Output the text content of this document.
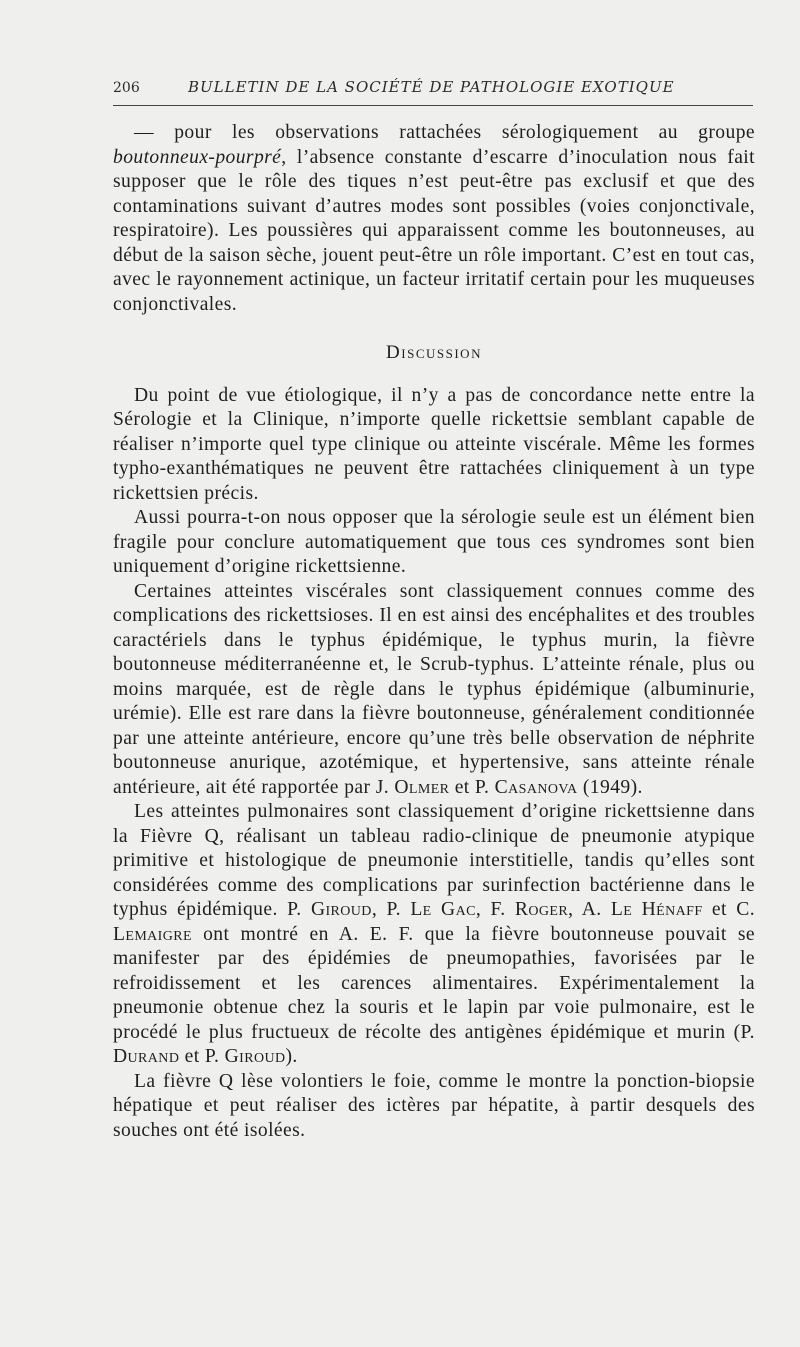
206	BULLETIN DE LA SOCIÉTÉ DE PATHOLOGIE EXOTIQUE

— pour les observations rattachées sérologiquement au groupe boutonneux-pourpré, l’absence constante d’escarre d’inoculation nous fait supposer que le rôle des tiques n’est peut-être pas exclusif et que des contaminations suivant d’autres modes sont possibles (voies conjonctivale, respiratoire). Les poussières qui apparaissent comme les boutonneuses, au début de la saison sèche, jouent peut-être un rôle important. C’est en tout cas, avec le rayonnement actinique, un facteur irritatif certain pour les muqueuses conjonctivales.

Discussion

Du point de vue étiologique, il n’y a pas de concordance nette entre la Sérologie et la Clinique, n’importe quelle rickettsie semblant capable de réaliser n’importe quel type clinique ou atteinte viscérale. Même les formes typho-exanthématiques ne peuvent être rattachées cliniquement à un type rickettsien précis.

Aussi pourra-t-on nous opposer que la sérologie seule est un élément bien fragile pour conclure automatiquement que tous ces syndromes sont bien uniquement d’origine rickettsienne.

Certaines atteintes viscérales sont classiquement connues comme des complications des rickettsioses. Il en est ainsi des encéphalites et des troubles caractériels dans le typhus épidémique, le typhus murin, la fièvre boutonneuse méditerranéenne et, le Scrub-typhus. L’atteinte rénale, plus ou moins marquée, est de règle dans le typhus épidémique (albuminurie, urémie). Elle est rare dans la fièvre boutonneuse, généralement conditionnée par une atteinte antérieure, encore qu’une très belle observation de néphrite boutonneuse anurique, azotémique, et hypertensive, sans atteinte rénale antérieure, ait été rapportée par J. Olmer et P. Casanova (1949).

Les atteintes pulmonaires sont classiquement d’origine rickettsienne dans la Fièvre Q, réalisant un tableau radio-clinique de pneumonie atypique primitive et histologique de pneumonie interstitielle, tandis qu’elles sont considérées comme des complications par surinfection bactérienne dans le typhus épidémique. P. Giroud, P. Le Gac, F. Roger, A. Le Hénaff et C. Lemaigre ont montré en A. E. F. que la fièvre boutonneuse pouvait se manifester par des épidémies de pneumopathies, favorisées par le refroidissement et les carences alimentaires. Expérimentalement la pneumonie obtenue chez la souris et le lapin par voie pulmonaire, est le procédé le plus fructueux de récolte des antigènes épidémique et murin (P. Durand et P. Giroud).

La fièvre Q lèse volontiers le foie, comme le montre la ponction-biopsie hépatique et peut réaliser des ictères par hépatite, à partir desquels des souches ont été isolées.
